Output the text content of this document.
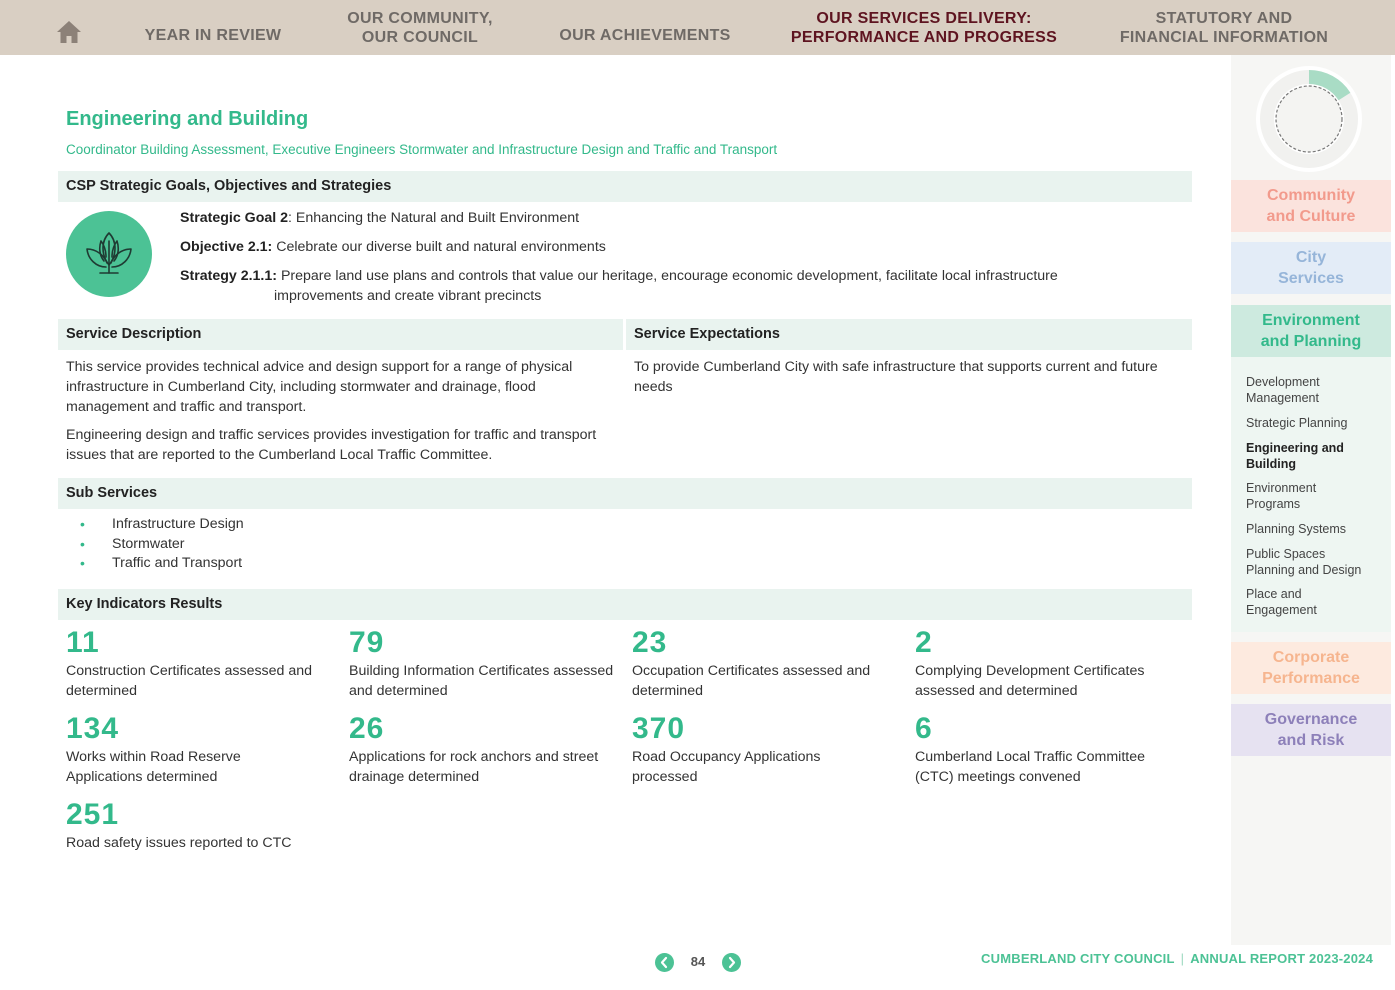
YEAR IN REVIEW
OUR COMMUNITY,
OUR COUNCIL	OUR ACHIEVEMENTS
OUR SERVICES DELIVERY:
PERFORMANCE AND PROGRESS
STATUTORY AND
FINANCIAL INFORMATION
Engineering and Building
Coordinator Building Assessment, Executive Engineers Stormwater and Infrastructure Design and Traffic and Transport
CSP Strategic Goals, Objectives and Strategies
Strategic Goal 2: Enhancing the Natural and Built Environment
Objective 2.1: Celebrate our diverse built and natural environments
Strategy 2.1.1: Prepare land use plans and controls that value our heritage, encourage economic development, facilitate local infrastructure
improvements and create vibrant precincts
Service Description	Service Expectations
This service provides technical advice and design support for a range of physical infrastructure in Cumberland City, including stormwater and drainage, flood management and traffic and transport.
Engineering design and traffic services provides investigation for traffic and transport issues that are reported to the Cumberland Local Traffic Committee.
To provide Cumberland City with safe infrastructure that supports current and future needs
Sub Services
• Infrastructure Design
• Stormwater
• Traffic and Transport
Key Indicators Results
11
Construction Certificates assessed and determined
79
Building Information Certificates assessed and determined
23
Occupation Certificates assessed and determined
2
Complying Development Certificates assessed and determined
134
Works within Road Reserve Applications determined
26
Applications for rock anchors and street drainage determined
370
Road Occupancy Applications processed
6
Cumberland Local Traffic Committee (CTC) meetings convened
251
Road safety issues reported to CTC
Community
and Culture
City
Services
Environment
and Planning
Development
Management
Strategic Planning
Engineering and
Building
Environment
Programs
Planning Systems
Public Spaces
Planning and Design
Place and
Engagement
Corporate
Performance
Governance
and Risk
84	CUMBERLAND CITY COUNCIL | ANNUAL REPORT 2023-2024
